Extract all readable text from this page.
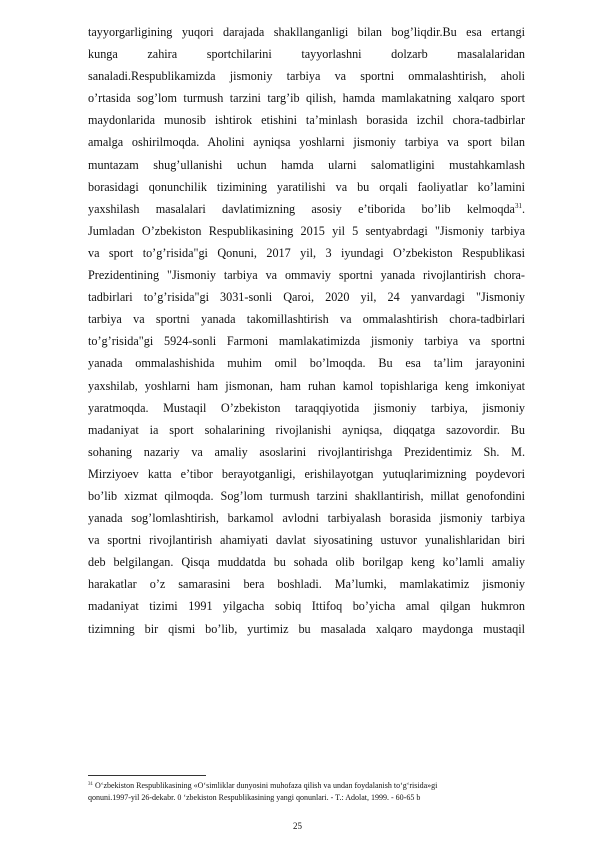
tayyorgarligining yuqori darajada shakllanganligi bilan bog’liqdir.Bu esa ertangi
kunga zahira sportchilarini tayyorlashni dolzarb masalalaridan
sanaladi.Respublikamizda jismoniy tarbiya va sportni ommalashtirish, aholi
o’rtasida sog’lom turmush tarzini targ’ib qilish, hamda mamlakatning xalqaro sport
maydonlarida munosib ishtirok etishini ta’minlash borasida izchil chora-tadbirlar
amalga oshirilmoqda. Aholini ayniqsa yoshlarni jismoniy tarbiya va sport bilan
muntazam shug’ullanishi uchun hamda ularni salomatligini mustahkamlash
borasidagi qonunchilik tizimining yaratilishi va bu orqali faoliyatlar ko’lamini
yaxshilash masalalari davlatimizning asosiy e’tiborida bo’lib kelmoqda$^{31}$.
Jumladan O’zbekiston Respublikasining 2015 yil 5 sentyabrdagi "Jismoniy tarbiya
va sport to’g’risida"gi Qonuni, 2017 yil, 3 iyundagi O’zbekiston Respublikasi
Prezidentining "Jismoniy tarbiya va ommaviy sportni yanada rivojlantirish chora-
tadbirlari to’g’risida"gi 3031-sonli Qaroi, 2020 yil, 24 yanvardagi "Jismoniy
tarbiya va sportni yanada takomillashtirish va ommalashtirish chora-tadbirlari
to’g’risida"gi 5924-sonli Farmoni mamlakatimizda jismoniy tarbiya va sportni
yanada ommalashishida muhim omil bo’lmoqda. Bu esa ta’lim jarayonini
yaxshilab, yoshlarni ham jismonan, ham ruhan kamol topishlariga keng imkoniyat
yaratmoqda. Mustaqil O’zbekiston taraqqiyotida jismoniy tarbiya, jismoniy
madaniyat ia sport sohalarining rivojlanishi ayniqsa, diqqatga sazovordir. Bu
sohaning nazariy va amaliy asoslarini rivojlantirishga Prezidentimiz Sh. M.
Mirziyoev katta e’tibor berayotganligi, erishilayotgan yutuqlarimizning poydevori
bo’lib xizmat qilmoqda. Sog’lom turmush tarzini shakllantirish, millat genofondini
yanada sog’lomlashtirish, barkamol avlodni tarbiyalash borasida jismoniy tarbiya
va sportni rivojlantirish ahamiyati davlat siyosatining ustuvor yunalishlaridan biri
deb belgilangan. Qisqa muddatda bu sohada olib borilgap keng ko’lamli amaliy
harakatlar o’z samarasini bera boshladi. Ma’lumki, mamlakatimiz jismoniy
madaniyat tizimi 1991 yilgacha sobiq Ittifoq bo’yicha amal qilgan hukmron
tizimning bir qismi bo’lib, yurtimiz bu masalada xalqaro maydonga mustaqil
$^{31}$ O‘zbekiston Respublikasining «O‘simliklar dunyosini muhofaza qilish va undan foydalanish to‘g‘risida»gi
qonuni.1997-yil 26-dekabr. 0 ‘zbekiston Respublikasining yangi qonunlari. - T.: Adolat, 1999. - 60-65 b
25
